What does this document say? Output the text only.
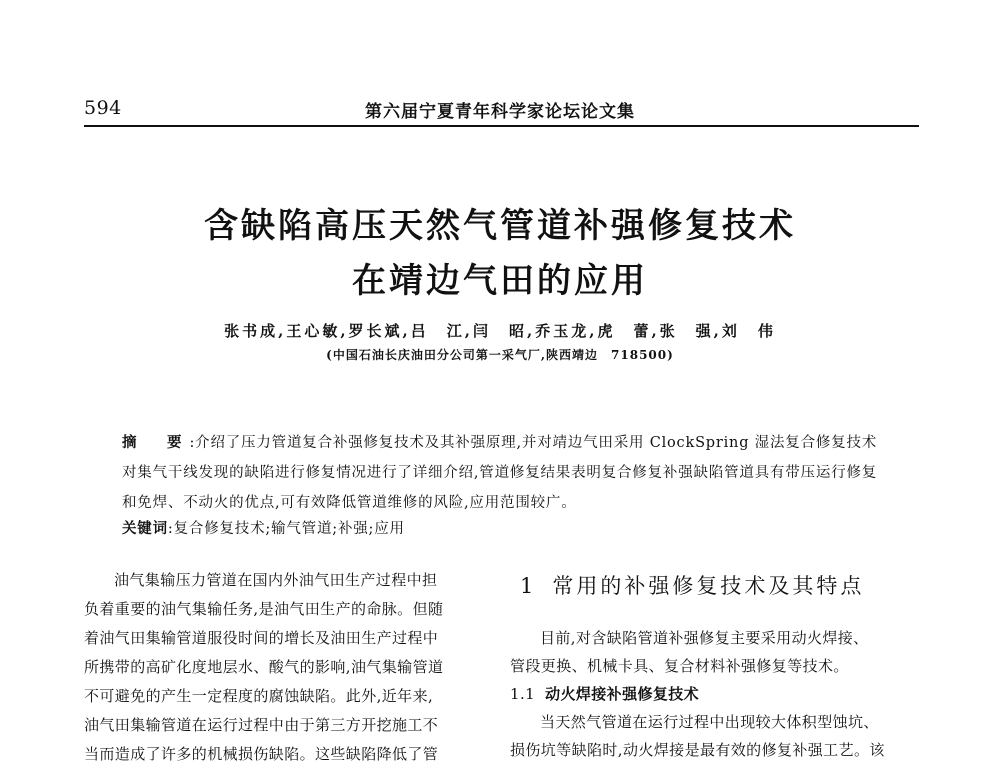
594	第六届宁夏青年科学家论坛论文集
含缺陷高压天然气管道补强修复技术
在靖边气田的应用
张书成,王心敏,罗长斌,吕　江,闫　昭,乔玉龙,虎　蕾,张　强,刘　伟
(中国石油长庆油田分公司第一采气厂,陕西靖边　718500)
摘　要:介绍了压力管道复合补强修复技术及其补强原理,并对靖边气田采用 ClockSpring 湿法复合修复技术对集气干线发现的缺陷进行修复情况进行了详细介绍,管道修复结果表明复合修复补强缺陷管道具有带压运行修复和免焊、不动火的优点,可有效降低管道维修的风险,应用范围较广。
关键词:复合修复技术;输气管道;补强;应用
油气集输压力管道在国内外油气田生产过程中担
负着重要的油气集输任务,是油气田生产的命脉。但随
着油气田集输管道服役时间的增长及油田生产过程中
所携带的高矿化度地层水、酸气的影响,油气集输管道
不可避免的产生一定程度的腐蚀缺陷。此外,近年来,
油气田集输管道在运行过程中由于第三方开挖施工不
当而造成了许多的机械损伤缺陷。这些缺陷降低了管
1 常用的补强修复技术及其特点
目前,对含缺陷管道补强修复主要采用动火焊接、
管段更换、机械卡具、复合材料补强修复等技术。
1.1 动火焊接补强修复技术
当天然气管道在运行过程中出现较大体积型蚀坑、
损伤坑等缺陷时,动火焊接是最有效的修复补强工艺。该
